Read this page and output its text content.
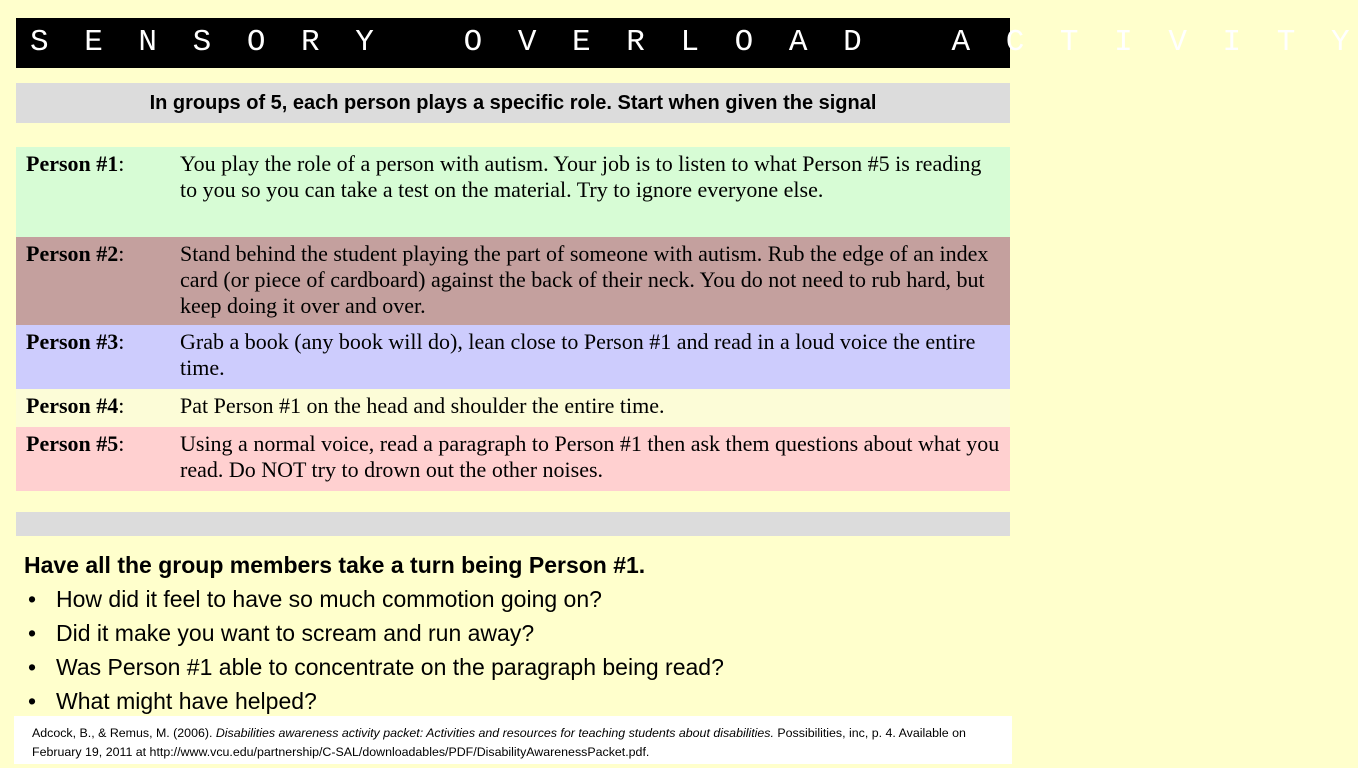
S E N S O R Y   O V E R L O A D   A C T I V I T Y
In groups of 5, each person plays a specific role. Start when given the signal
Person #1:	You play the role of a person with autism. Your job is to listen to what Person #5 is reading to you so you can take a test on the material. Try to ignore everyone else.
Person #2:	Stand behind the student playing the part of someone with autism. Rub the edge of an index card (or piece of cardboard) against the back of their neck. You do not need to rub hard, but keep doing it over and over.
Person #3:	Grab a book (any book will do), lean close to Person #1 and read in a loud voice the entire time.
Person #4:	Pat Person #1 on the head and shoulder the entire time.
Person #5:	Using a normal voice, read a paragraph to Person #1 then ask them questions about what you read. Do NOT try to drown out the other noises.
Have all the group members take a turn being Person #1.
• How did it feel to have so much commotion going on?
• Did it make you want to scream and run away?
• Was Person #1 able to concentrate on the paragraph being read?
• What might have helped?
Adcock, B., & Remus, M. (2006). Disabilities awareness activity packet: Activities and resources for teaching students about disabilities. Possibilities, inc, p. 4. Available on February 19, 2011 at http://www.vcu.edu/partnership/C-SAL/downloadables/PDF/DisabilityAwarenessPacket.pdf.
